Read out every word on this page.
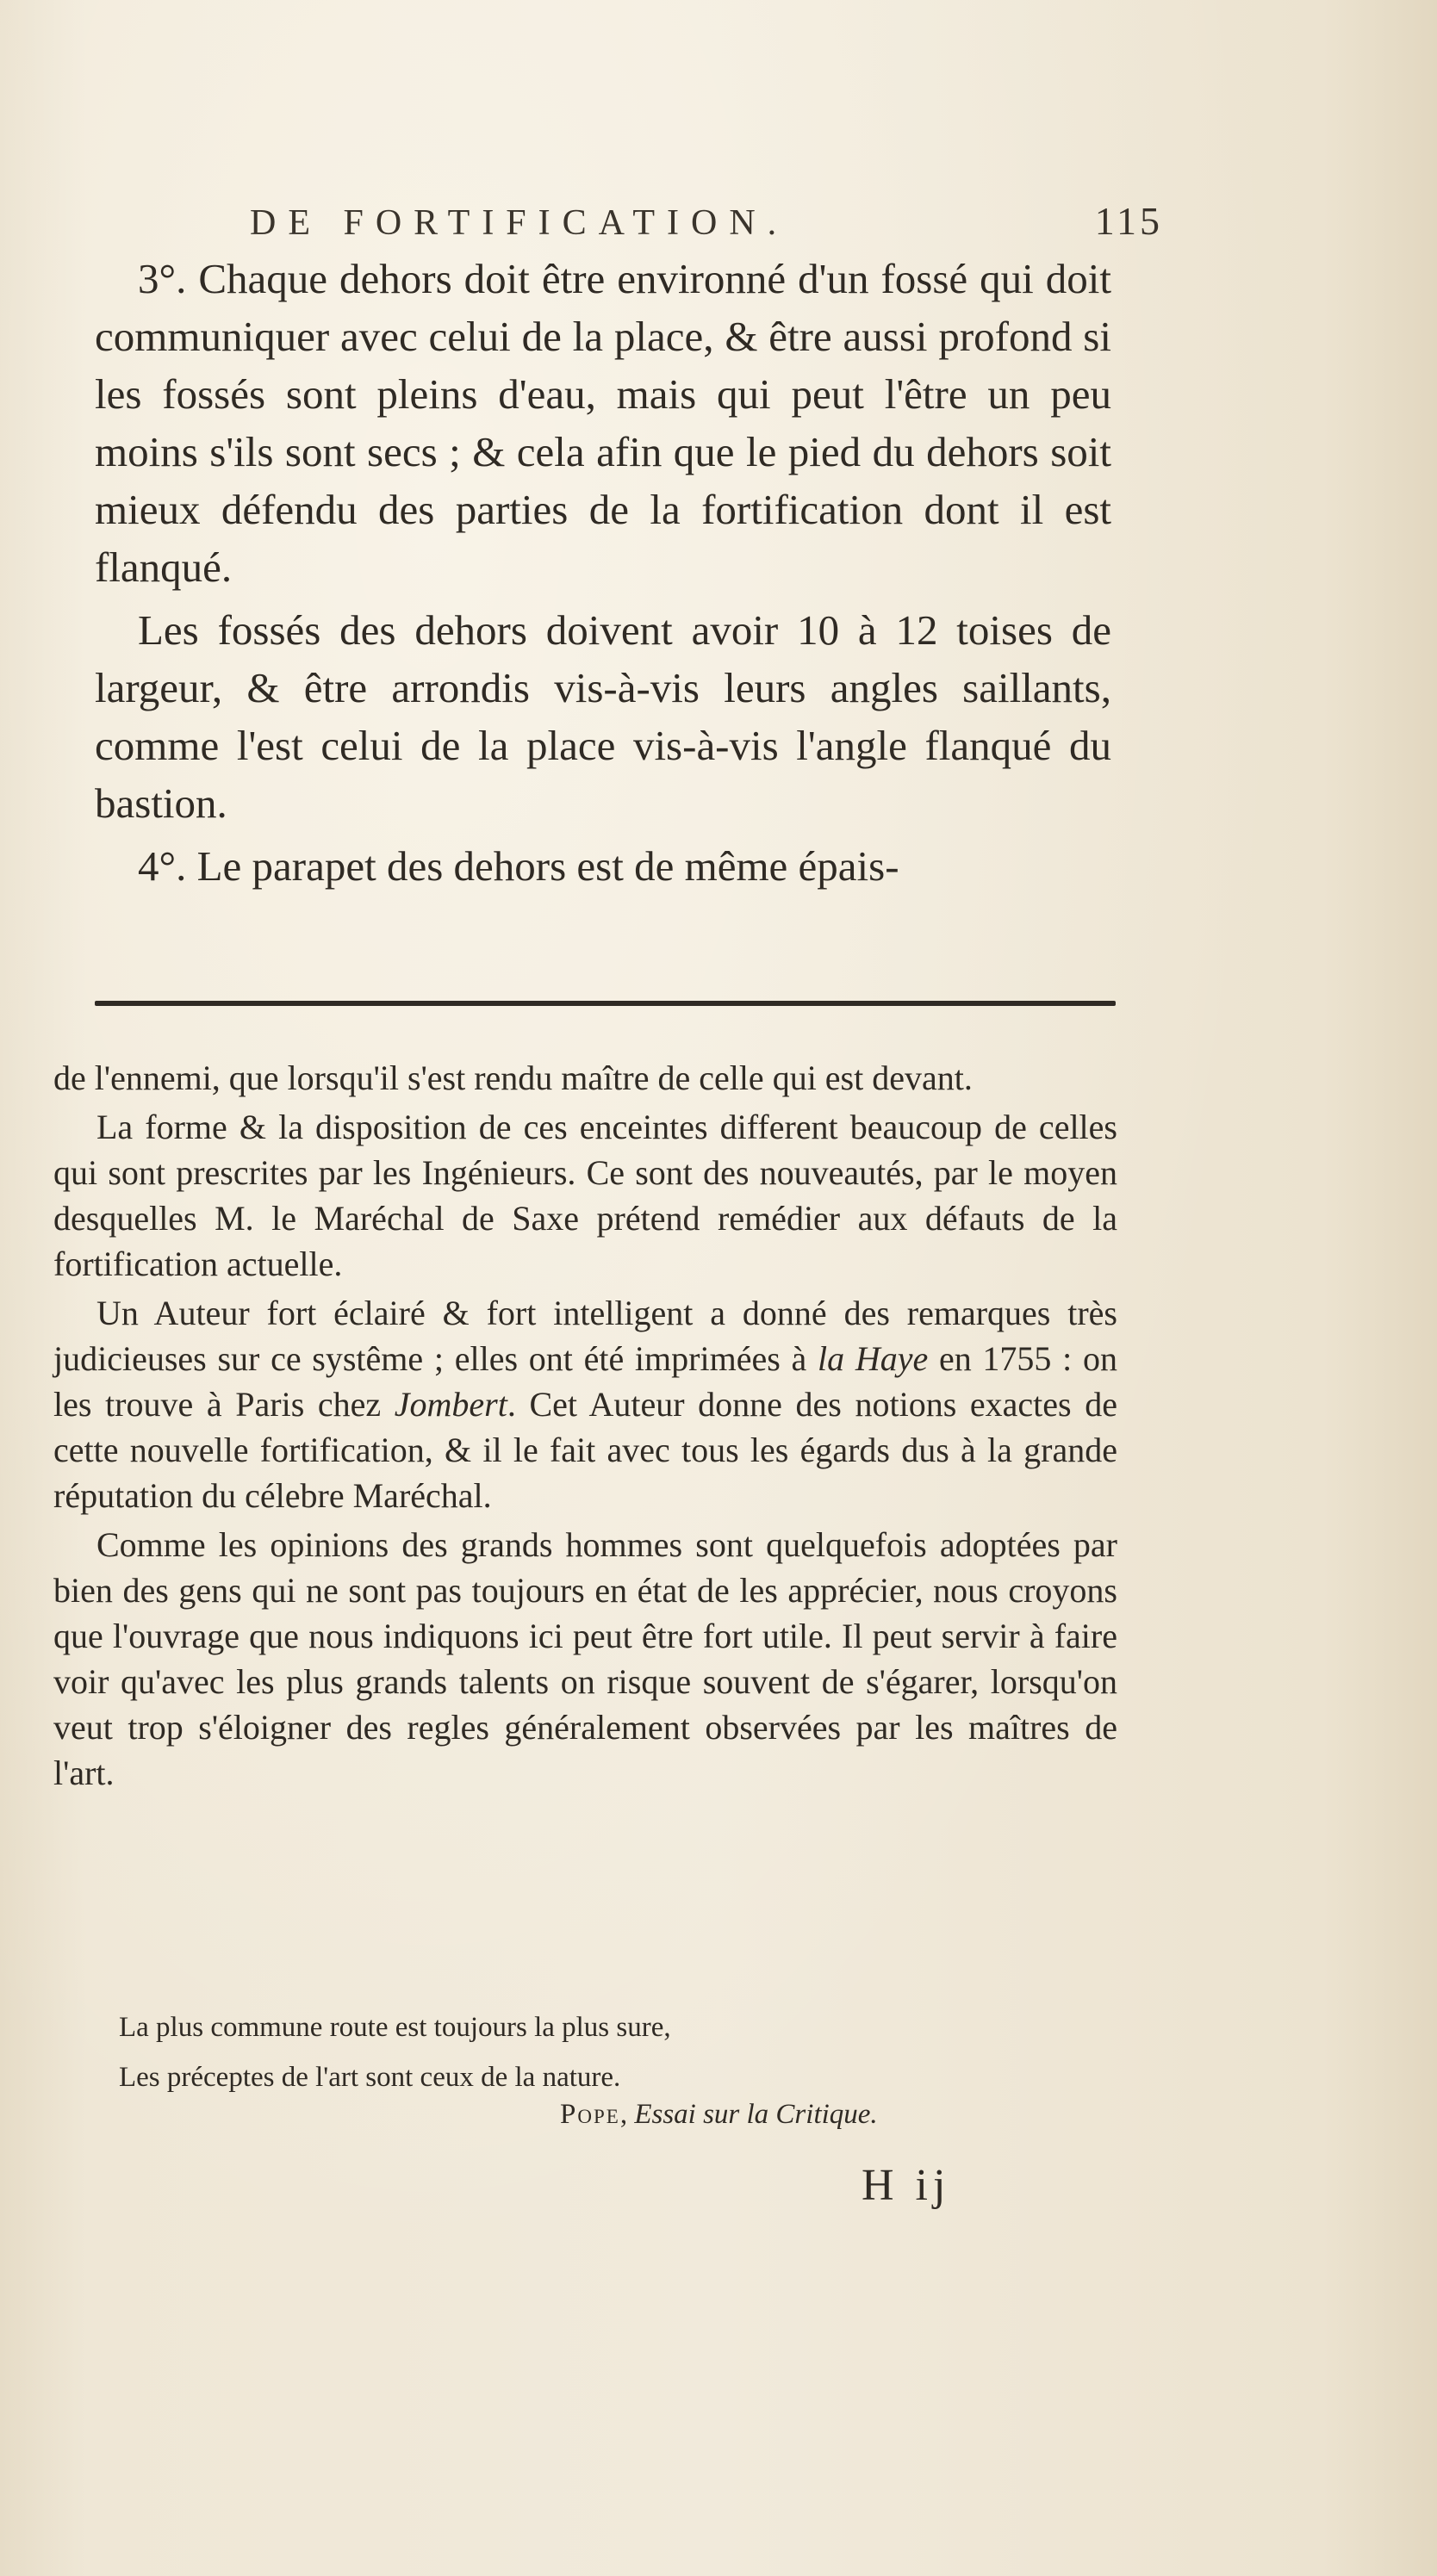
DE FORTIFICATION.	115

3°. Chaque dehors doit être environné d'un fossé qui doit communiquer avec celui de la place, & être aussi profond si les fossés sont pleins d'eau, mais qui peut l'être un peu moins s'ils sont secs ; & cela afin que le pied du dehors soit mieux défendu des parties de la fortification dont il est flanqué.

Les fossés des dehors doivent avoir 10 à 12 toises de largeur, & être arrondis vis-à-vis leurs angles saillants, comme l'est celui de la place vis-à-vis l'angle flanqué du bastion.

4°. Le parapet des dehors est de même épais-

de l'ennemi, que lorsqu'il s'est rendu maître de celle qui est devant.

La forme & la disposition de ces enceintes different beaucoup de celles qui sont prescrites par les Ingénieurs. Ce sont des nouveautés, par le moyen desquelles M. le Maréchal de Saxe prétend remédier aux défauts de la fortification actuelle.

Un Auteur fort éclairé & fort intelligent a donné des remarques très judicieuses sur ce systême ; elles ont été imprimées à la Haye en 1755 : on les trouve à Paris chez Jombert. Cet Auteur donne des notions exactes de cette nouvelle fortification, & il le fait avec tous les égards dus à la grande réputation du célebre Maréchal.

Comme les opinions des grands hommes sont quelquefois adoptées par bien des gens qui ne sont pas toujours en état de les apprécier, nous croyons que l'ouvrage que nous indiquons ici peut être fort utile. Il peut servir à faire voir qu'avec les plus grands talents on risque souvent de s'égarer, lorsqu'on veut trop s'éloigner des regles généralement observées par les maîtres de l'art.

La plus commune route est toujours la plus sure,
Les préceptes de l'art sont ceux de la nature.
Pope, Essai sur la Critique.
H ij
